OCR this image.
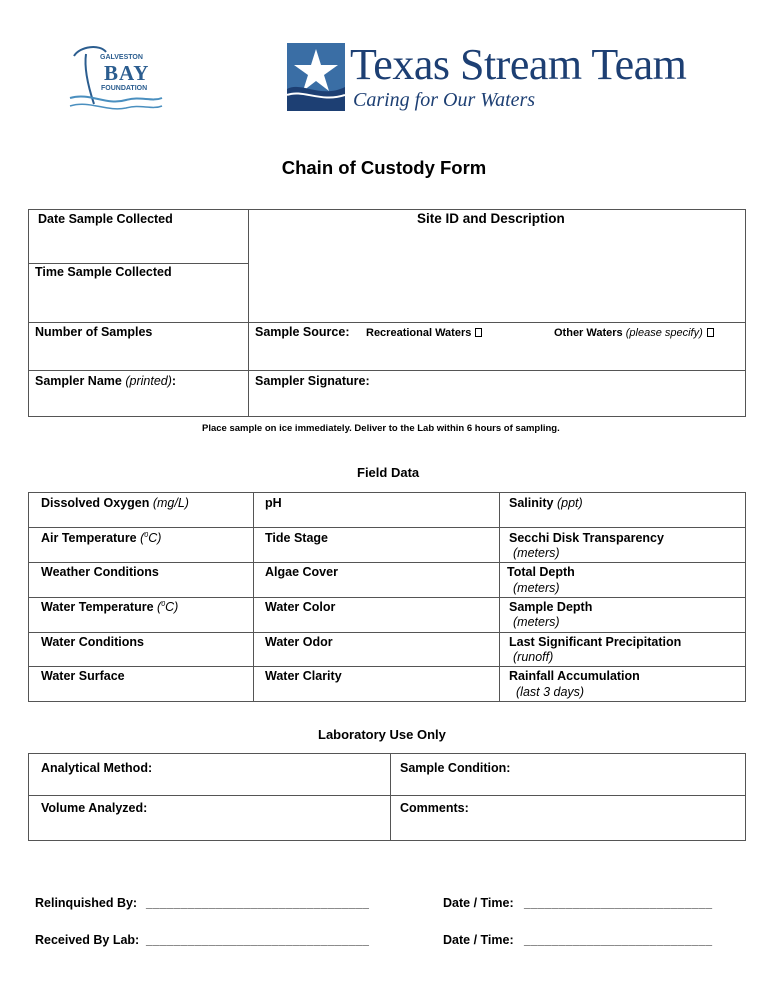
GALVESTON
BAY
FOUNDATION	Texas Stream Team
Caring for Our Waters
Chain of Custody Form
Date Sample Collected	Site ID and Description
Time Sample Collected
Number of Samples	Sample Source: Recreational Waters	Other Waters (please specify)
Sampler Name (printed):	Sampler Signature:
Place sample on ice immediately. Deliver to the Lab within 6 hours of sampling.
Field Data
Dissolved Oxygen (mg/L)	pH	Salinity (ppt)
Air Temperature ($^0$C)	Tide Stage	Secchi Disk Transparency
(meters)
Weather Conditions	Algae Cover	Total Depth
(meters)
Water Temperature ($^0$C)	Water Color	Sample Depth
(meters)
Water Conditions	Water Odor	Last Significant Precipitation
(runoff)
Water Surface	Water Clarity	Rainfall Accumulation
(last 3 days)
Laboratory Use Only
Analytical Method:	Sample Condition:
Volume Analyzed:	Comments:
Relinquished By: ________________________________	Date / Time: ___________________________
Received By Lab: ________________________________	Date / Time: ___________________________
